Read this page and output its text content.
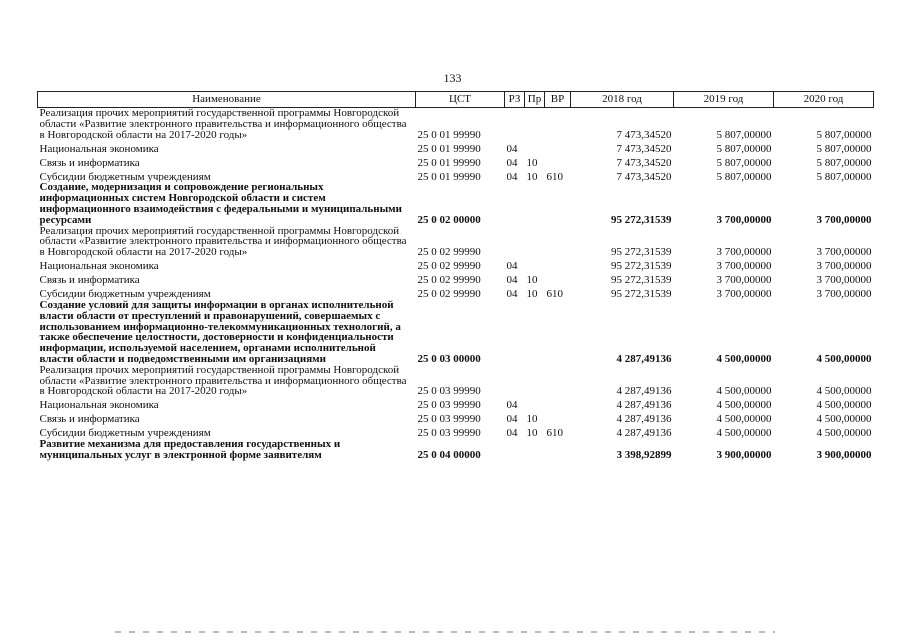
133
Наименование	ЦСТ	РЗ	Пр	ВР	2018 год	2019 год	2020 год
Реализация прочих мероприятий государственной программы Новгородской области «Развитие электронного правительства и информационного общества в Новгородской области на 2017-2020 годы»	25 0 01 99990				7 473,34520	5 807,00000	5 807,00000
Национальная экономика	25 0 01 99990	04			7 473,34520	5 807,00000	5 807,00000
Связь и информатика	25 0 01 99990	04	10		7 473,34520	5 807,00000	5 807,00000
Субсидии бюджетным учреждениям	25 0 01 99990	04	10	610	7 473,34520	5 807,00000	5 807,00000
Создание, модернизация и сопровождение региональных информационных систем Новгородской области и систем информационного взаимодействия с федеральными и муниципальными ресурсами	25 0 02 00000				95 272,31539	3 700,00000	3 700,00000
Реализация прочих мероприятий государственной программы Новгородской области «Развитие электронного правительства и информационного общества в Новгородской области на 2017-2020 годы»	25 0 02 99990				95 272,31539	3 700,00000	3 700,00000
Национальная экономика	25 0 02 99990	04			95 272,31539	3 700,00000	3 700,00000
Связь и информатика	25 0 02 99990	04	10		95 272,31539	3 700,00000	3 700,00000
Субсидии бюджетным учреждениям	25 0 02 99990	04	10	610	95 272,31539	3 700,00000	3 700,00000
Создание условий для защиты информации в органах исполнительной власти области от преступлений и правонарушений, совершаемых с использованием информационно-телекоммуникационных технологий, а также обеспечение целостности, достоверности и конфиденциальности информации, используемой населением, органами исполнительной власти области и подведомственными им организациями	25 0 03 00000				4 287,49136	4 500,00000	4 500,00000
Реализация прочих мероприятий государственной программы Новгородской области «Развитие электронного правительства и информационного общества в Новгородской области на 2017-2020 годы»	25 0 03 99990				4 287,49136	4 500,00000	4 500,00000
Национальная экономика	25 0 03 99990	04			4 287,49136	4 500,00000	4 500,00000
Связь и информатика	25 0 03 99990	04	10		4 287,49136	4 500,00000	4 500,00000
Субсидии бюджетным учреждениям	25 0 03 99990	04	10	610	4 287,49136	4 500,00000	4 500,00000
Развитие механизма для предоставления государственных и муниципальных услуг в электронной форме заявителям	25 0 04 00000				3 398,92899	3 900,00000	3 900,00000
